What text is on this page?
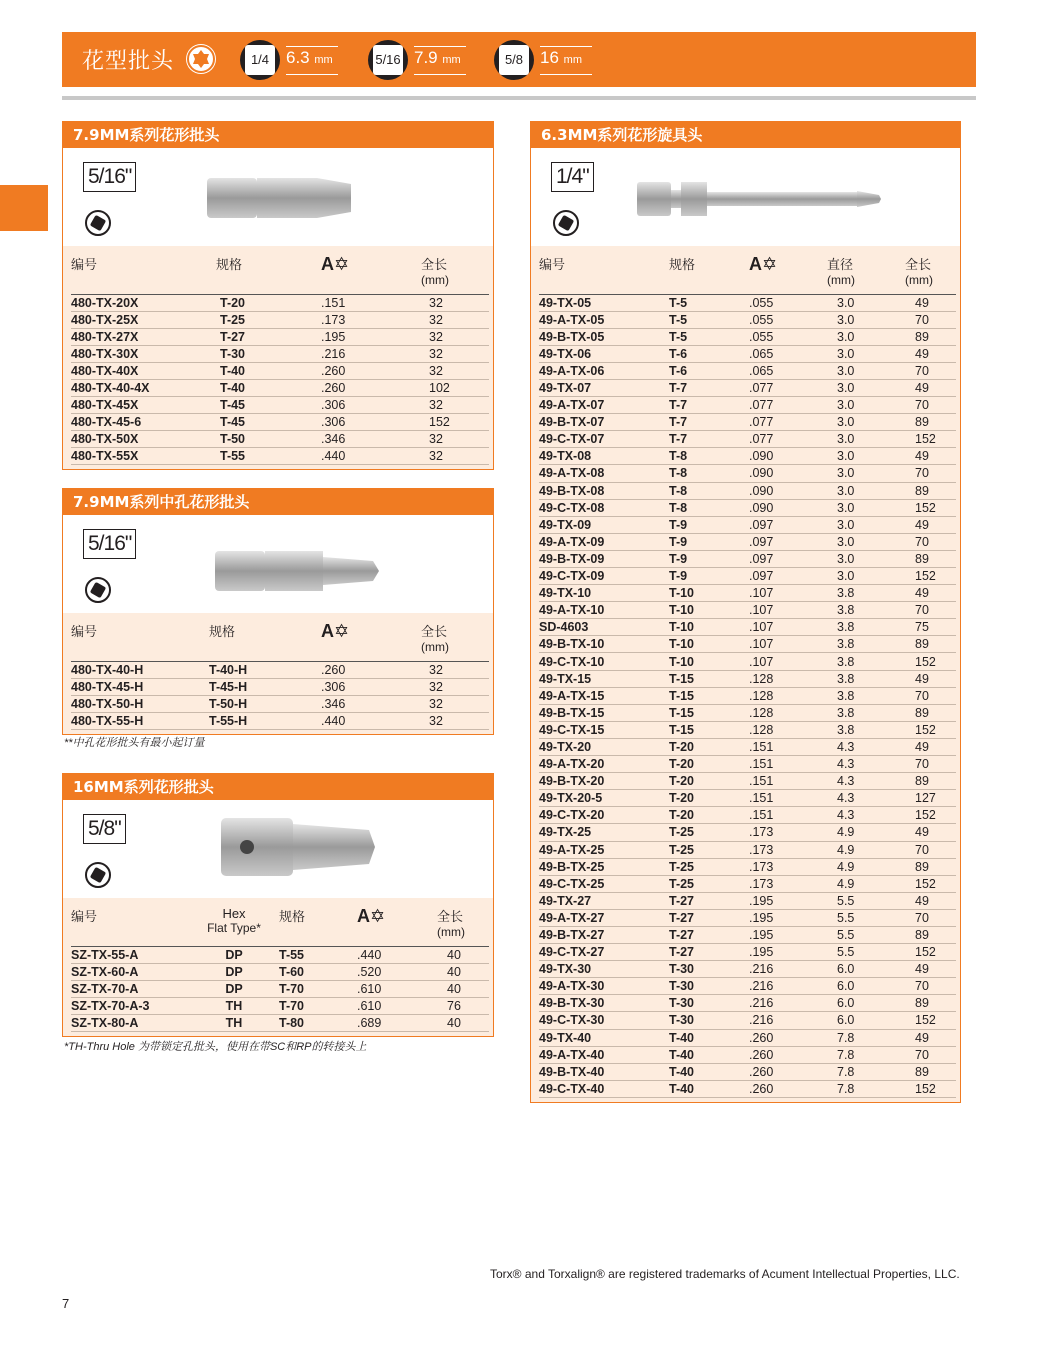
花型批头	1/4 6.3 mm	5/16 7.9 mm	5/8 16 mm
7.9MM系列花形批头
5/16"
编号	规格	A✡	全长
(mm)

480-TX-20X	T-20	.151	32
480-TX-25X	T-25	.173	32
480-TX-27X	T-27	.195	32
480-TX-30X	T-30	.216	32
480-TX-40X	T-40	.260	32
480-TX-40-4X	T-40	.260	102
480-TX-45X	T-45	.306	32
480-TX-45-6	T-45	.306	152
480-TX-50X	T-50	.346	32
480-TX-55X	T-55	.440	32
7.9MM系列中孔花形批头
5/16"
编号	规格	A✡	全长
(mm)

480-TX-40-H	T-40-H	.260	32
480-TX-45-H	T-45-H	.306	32
480-TX-50-H	T-50-H	.346	32
480-TX-55-H	T-55-H	.440	32
**中孔花形批头有最小起订量
16MM系列花形批头
5/8"
编号	Hex
Flat Type*	规格	A✡	全长
(mm)

SZ-TX-55-A	DP	T-55	.440	40
SZ-TX-60-A	DP	T-60	.520	40
SZ-TX-70-A	DP	T-70	.610	40
SZ-TX-70-A-3	TH	T-70	.610	76
SZ-TX-80-A	TH	T-80	.689	40
*TH-Thru Hole 为带锁定孔批头，使用在带SC和RP的转接头上
6.3MM系列花形旋具头
1/4"
编号	规格	A✡	直径
(mm)	全长
(mm)

49-TX-05	T-5	.055	3.0	49
49-A-TX-05	T-5	.055	3.0	70
49-B-TX-05	T-5	.055	3.0	89
49-TX-06	T-6	.065	3.0	49
49-A-TX-06	T-6	.065	3.0	70
49-TX-07	T-7	.077	3.0	49
49-A-TX-07	T-7	.077	3.0	70
49-B-TX-07	T-7	.077	3.0	89
49-C-TX-07	T-7	.077	3.0	152
49-TX-08	T-8	.090	3.0	49
49-A-TX-08	T-8	.090	3.0	70
49-B-TX-08	T-8	.090	3.0	89
49-C-TX-08	T-8	.090	3.0	152
49-TX-09	T-9	.097	3.0	49
49-A-TX-09	T-9	.097	3.0	70
49-B-TX-09	T-9	.097	3.0	89
49-C-TX-09	T-9	.097	3.0	152
49-TX-10	T-10	.107	3.8	49
49-A-TX-10	T-10	.107	3.8	70
SD-4603	T-10	.107	3.8	75
49-B-TX-10	T-10	.107	3.8	89
49-C-TX-10	T-10	.107	3.8	152
49-TX-15	T-15	.128	3.8	49
49-A-TX-15	T-15	.128	3.8	70
49-B-TX-15	T-15	.128	3.8	89
49-C-TX-15	T-15	.128	3.8	152
49-TX-20	T-20	.151	4.3	49
49-A-TX-20	T-20	.151	4.3	70
49-B-TX-20	T-20	.151	4.3	89
49-TX-20-5	T-20	.151	4.3	127
49-C-TX-20	T-20	.151	4.3	152
49-TX-25	T-25	.173	4.9	49
49-A-TX-25	T-25	.173	4.9	70
49-B-TX-25	T-25	.173	4.9	89
49-C-TX-25	T-25	.173	4.9	152
49-TX-27	T-27	.195	5.5	49
49-A-TX-27	T-27	.195	5.5	70
49-B-TX-27	T-27	.195	5.5	89
49-C-TX-27	T-27	.195	5.5	152
49-TX-30	T-30	.216	6.0	49
49-A-TX-30	T-30	.216	6.0	70
49-B-TX-30	T-30	.216	6.0	89
49-C-TX-30	T-30	.216	6.0	152
49-TX-40	T-40	.260	7.8	49
49-A-TX-40	T-40	.260	7.8	70
49-B-TX-40	T-40	.260	7.8	89
49-C-TX-40	T-40	.260	7.8	152
Torx® and Torxalign® are registered trademarks of Acument Intellectual Properties, LLC.
7
